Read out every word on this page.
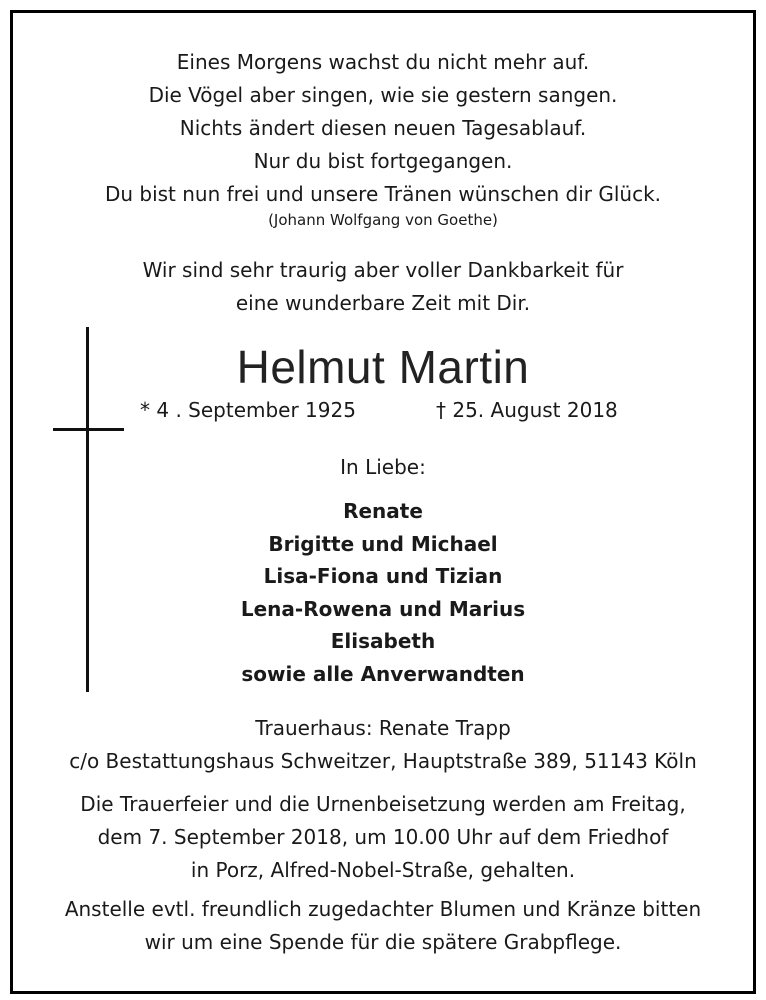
Eines Morgens wachst du nicht mehr auf.
Die Vögel aber singen, wie sie gestern sangen.
Nichts ändert diesen neuen Tagesablauf.
Nur du bist fortgegangen.
Du bist nun frei und unsere Tränen wünschen dir Glück.
(Johann Wolfgang von Goethe)
Wir sind sehr traurig aber voller Dankbarkeit für
eine wunderbare Zeit mit Dir.
Helmut Martin
* 4 . September 1925	† 25. August 2018
In Liebe:
Renate
Brigitte und Michael
Lisa-Fiona und Tizian
Lena-Rowena und Marius
Elisabeth
sowie alle Anverwandten
Trauerhaus: Renate Trapp
c/o Bestattungshaus Schweitzer, Hauptstraße 389, 51143 Köln
Die Trauerfeier und die Urnenbeisetzung werden am Freitag,
dem 7. September 2018, um 10.00 Uhr auf dem Friedhof
in Porz, Alfred-Nobel-Straße, gehalten.
Anstelle evtl. freundlich zugedachter Blumen und Kränze bitten
wir um eine Spende für die spätere Grabpflege.
